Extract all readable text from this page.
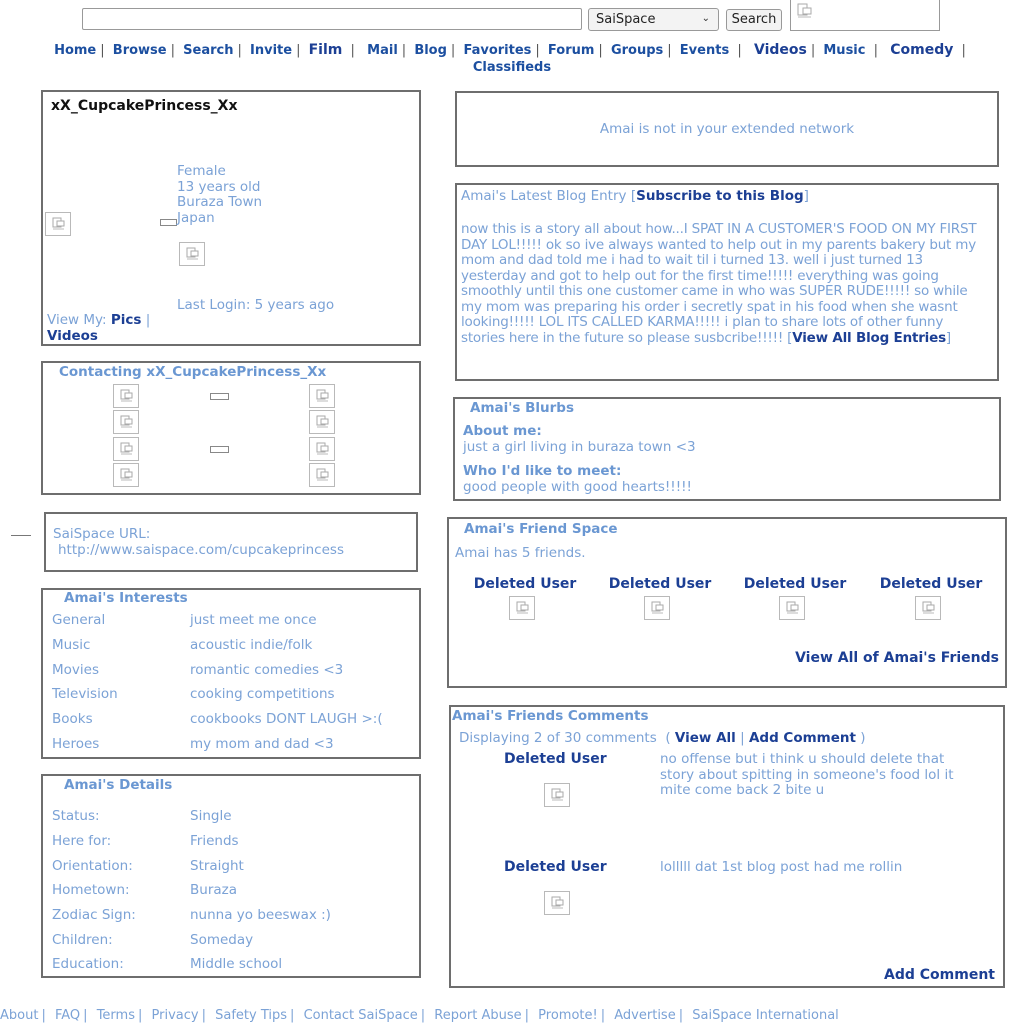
SaiSpace	⌄	Search
Home | Browse | Search | Invite | Film |  Mail | Blog | Favorites | Forum | Groups | Events |  Videos | Music |  Comedy |
Classifieds
xX_CupcakePrincess_Xx
Female
13 years old
Buraza Town
Japan
Last Login: 5 years ago
View My: Pics |
Videos
Contacting xX_CupcakePrincess_Xx
SaiSpace URL:
http://www.saispace.com/cupcakeprincess
Amai's Interests
General	just meet me once
Music	acoustic indie/folk
Movies	romantic comedies <3
Television	cooking competitions
Books	cookbooks DONT LAUGH >:(
Heroes	my mom and dad <3
Amai's Details
Status:	Single
Here for:	Friends
Orientation:	Straight
Hometown:	Buraza
Zodiac Sign:	nunna yo beeswax :)
Children:	Someday
Education:	Middle school
Amai is not in your extended network
Amai's Latest Blog Entry [Subscribe to this Blog]
now this is a story all about how...I SPAT IN A CUSTOMER'S FOOD ON MY FIRST DAY LOL!!!!! ok so ive always wanted to help out in my parents bakery but my mom and dad told me i had to wait til i turned 13. well i just turned 13 yesterday and got to help out for the first time!!!!! everything was going smoothly until this one customer came in who was SUPER RUDE!!!!! so while my mom was preparing his order i secretly spat in his food when she wasnt looking!!!!! LOL ITS CALLED KARMA!!!!! i plan to share lots of other funny stories here in the future so please susbcribe!!!!! [View All Blog Entries]
Amai's Blurbs
About me:
just a girl living in buraza town <3
Who I'd like to meet:
good people with good hearts!!!!!
Amai's Friend Space
Amai has 5 friends.
Deleted User	Deleted User	Deleted User	Deleted User
View All of Amai's Friends
Amai's Friends Comments
Displaying 2 of 30 comments  ( View All | Add Comment )
Deleted User	no offense but i think u should delete that story about spitting in someone's food lol it mite come back 2 bite u
Deleted User	lolllll dat 1st blog post had me rollin
Add Comment
About | FAQ | Terms | Privacy | Safety Tips | Contact SaiSpace | Report Abuse | Promote! | Advertise | SaiSpace International
